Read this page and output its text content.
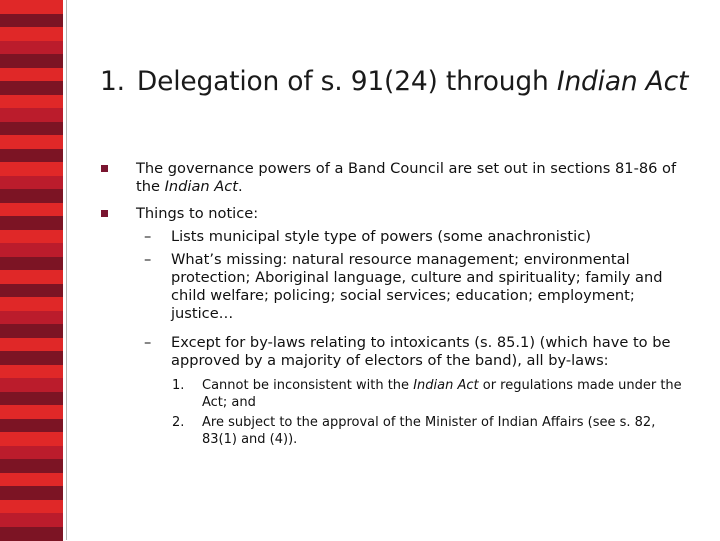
1. Delegation of s. 91(24) through Indian Act

The governance powers of a Band Council are set out in sections 81-86 of

the Indian Act.

Things to notice:

– Lists municipal style type of powers (some anachronistic)

– What’s missing: natural resource management; environmental

protection; Aboriginal language, culture and spirituality; family and

child welfare; policing; social services; education; employment;

justice…

– Except for by-laws relating to intoxicants (s. 85.1) (which have to be

approved by a majority of electors of the band), all by-laws:

1. Cannot be inconsistent with the Indian Act or regulations made under the

Act; and

2. Are subject to the approval of the Minister of Indian Affairs (see s. 82,

83(1) and (4)).
